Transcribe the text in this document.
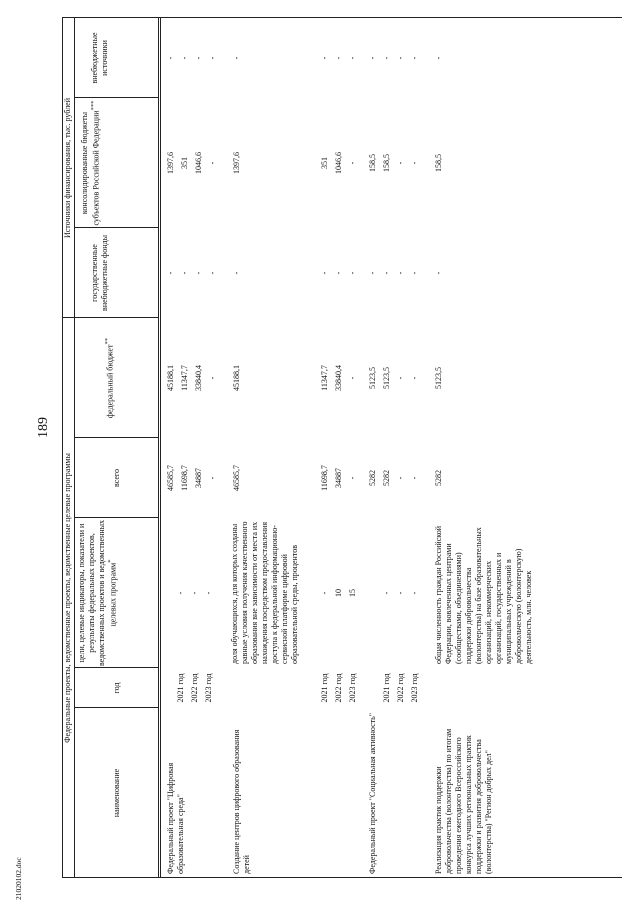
189
21020102.doc
Федеральные проекты, ведомственные проекты, ведомственные целевые программы
Источники финансирования, тыс. рублей
наименование
год
цели, целевые индикаторы, показатели и результаты федеральных проектов, ведомственных проектов и ведомственных целевых программ*
всего
федеральный бюджет**
государственные внебюджетные фонды
консолидированные бюджеты субъектов Российской Федерации***
внебюджетные источники
Федеральный проект "Цифровая образовательная среда"
2021 год
-
46585,7
45188,1
-
1397,6
-
2022 год
-
11698,7
11347,7
-
351
-
2023 год
-
34887
33840,4
-
1046,6
-
Создание центров цифрового образования детей
доля обучающихся, для которых созданы равные условия получения качественного образования вне зависимости от места их нахождения посредством предоставления доступа к федеральной информационно-сервисной платформе цифровой образовательной среды, процентов
-
-
-
-
-
46585,7
45188,1
-
1397,6
-
2021 год
-
11698,7
11347,7
-
351
-
2022 год
10
34887
33840,4
-
1046,6
-
2023 год
15
-
-
-
-
-
Федеральный проект "Социальная активность"
5282
5123,5
-
158,5
-
2021 год
-
5282
5123,5
-
158,5
-
2022 год
-
-
-
-
-
-
2023 год
-
-
-
-
-
-
Реализация практик поддержки добровольчества (волонтерства) по итогам проведения ежегодного Всероссийского конкурса лучших региональных практик поддержки и развития добровольчества (волонтерства) "Регион добрых дел"
общая численность граждан Российской Федерации, вовлеченных центрами (сообществами, объединениями) поддержки добровольчества (волонтерства) на базе образовательных организаций, некоммерческих организаций, государственных и муниципальных учреждений в добровольческую (волонтерскую) деятельность, млн. человек
5282
5123,5
-
158,5
-
